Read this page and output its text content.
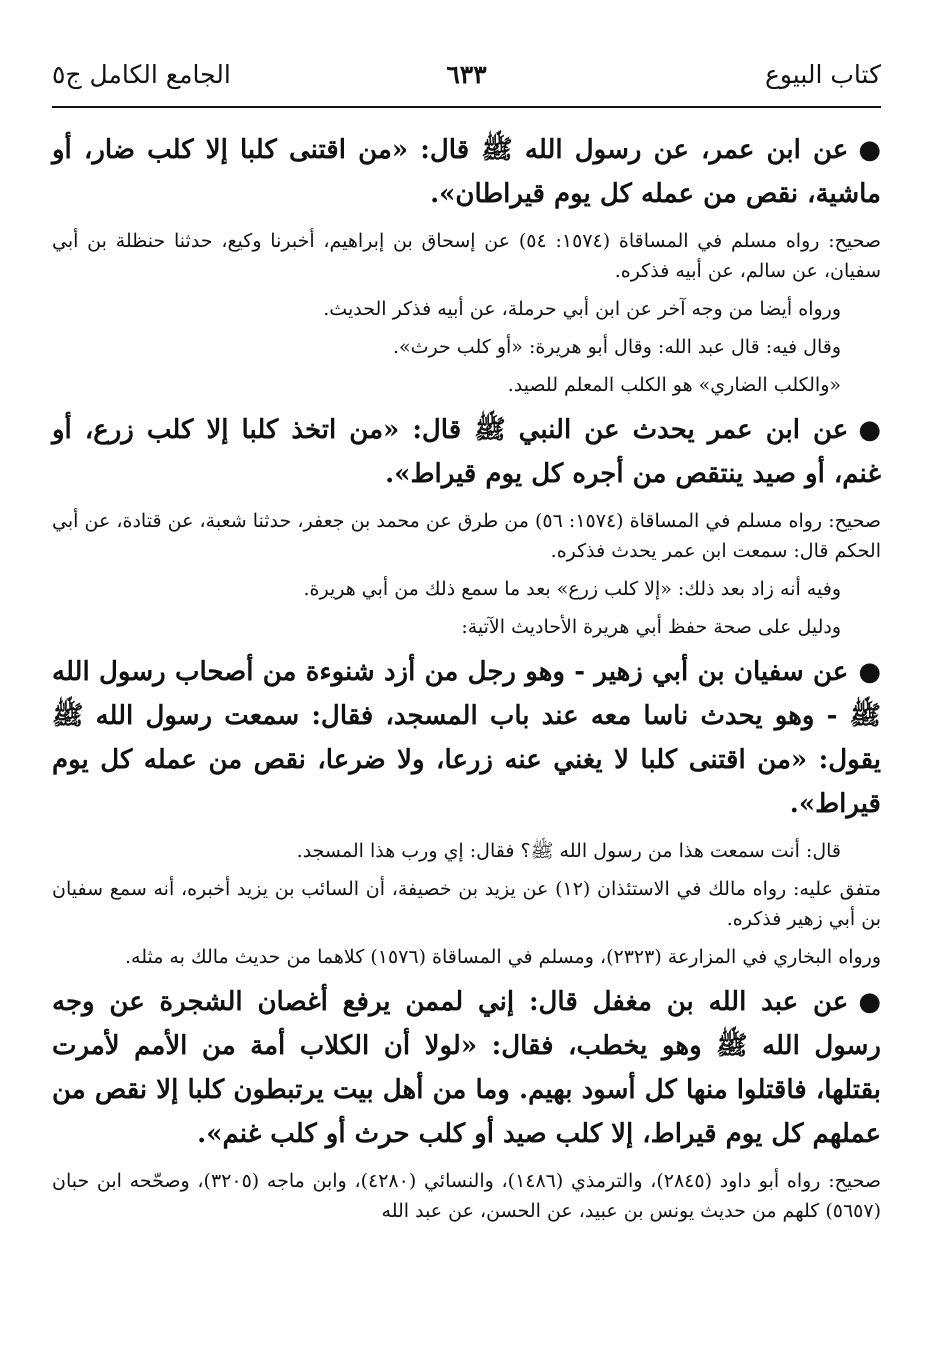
كتاب البيوع
٦٣٣
الجامع الكامل ج٥

●عن ابن عمر، عن رسول الله ﷺ قال: «من اقتنى كلبا إلا كلب ضار، أو ماشية، نقص من عمله كل يوم قيراطان».

صحيح: رواه مسلم في المساقاة (١٥٧٤: ٥٤) عن إسحاق بن إبراهيم، أخبرنا وكيع، حدثنا حنظلة بن أبي سفيان، عن سالم، عن أبيه فذكره.

ورواه أيضا من وجه آخر عن ابن أبي حرملة، عن أبيه فذكر الحديث.

وقال فيه: قال عبد الله: وقال أبو هريرة: «أو كلب حرث».

«والكلب الضاري» هو الكلب المعلم للصيد.

●عن ابن عمر يحدث عن النبي ﷺ قال: «من اتخذ كلبا إلا كلب زرع، أو غنم، أو صيد ينتقص من أجره كل يوم قيراط».

صحيح: رواه مسلم في المساقاة (١٥٧٤: ٥٦) من طرق عن محمد بن جعفر، حدثنا شعبة، عن قتادة، عن أبي الحكم قال: سمعت ابن عمر يحدث فذكره.

وفيه أنه زاد بعد ذلك: «إلا كلب زرع» بعد ما سمع ذلك من أبي هريرة.

ودليل على صحة حفظ أبي هريرة الأحاديث الآتية:

●عن سفيان بن أبي زهير - وهو رجل من أزد شنوءة من أصحاب رسول الله ﷺ - وهو يحدث ناسا معه عند باب المسجد، فقال: سمعت رسول الله ﷺ يقول: «من اقتنى كلبا لا يغني عنه زرعا، ولا ضرعا، نقص من عمله كل يوم قيراط».

قال: أنت سمعت هذا من رسول الله ﷺ؟ فقال: إي ورب هذا المسجد.

متفق عليه: رواه مالك في الاستئذان (١٢) عن يزيد بن خصيفة، أن السائب بن يزيد أخبره، أنه سمع سفيان بن أبي زهير فذكره.

ورواه البخاري في المزارعة (٢٣٢٣)، ومسلم في المساقاة (١٥٧٦) كلاهما من حديث مالك به مثله.

●عن عبد الله بن مغفل قال: إني لممن يرفع أغصان الشجرة عن وجه رسول الله ﷺ وهو يخطب، فقال: «لولا أن الكلاب أمة من الأمم لأمرت بقتلها، فاقتلوا منها كل أسود بهيم. وما من أهل بيت يرتبطون كلبا إلا نقص من عملهم كل يوم قيراط، إلا كلب صيد أو كلب حرث أو كلب غنم».

صحيح: رواه أبو داود (٢٨٤٥)، والترمذي (١٤٨٦)، والنسائي (٤٢٨٠)، وابن ماجه (٣٢٠٥)، وصحّحه ابن حبان (٥٦٥٧) كلهم من حديث يونس بن عبيد، عن الحسن، عن عبد الله
